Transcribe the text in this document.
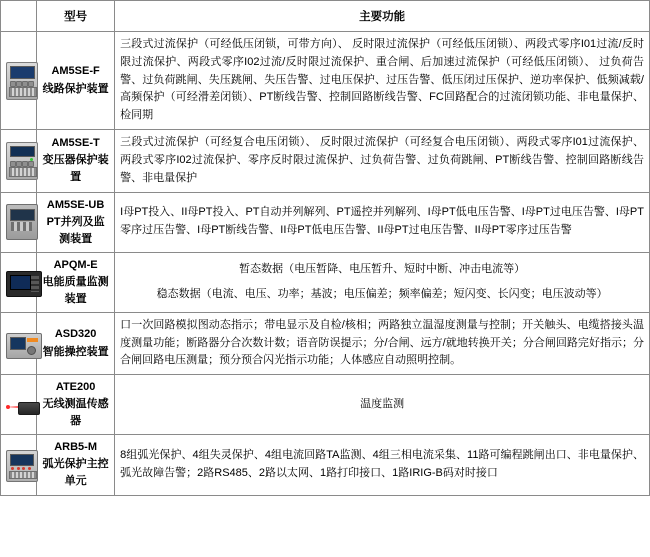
	型号	主要功能

	AM5SE-F
线路保护装置	三段式过流保护（可经低压闭锁，可带方向）、 反时限过流保护（可经低压闭锁）、两段式零序I01过流/反时限过流保护、两段式零序I02过流/反时限过流保护、重合闸、后加速过流保护（可经低压闭锁）、 过负荷告警、过负荷跳闸、失压跳闸、失压告警、过电压保护、过压告警、低压闭过压保护、逆功率保护、低频减载/高频保护（可经滑差闭锁）、PT断线告警、控制回路断线告警、FC回路配合的过流闭锁功能、非电量保护、检同期

	AM5SE-T
变压器保护装置	三段式过流保护（可经复合电压闭锁）、 反时限过流保护（可经复合电压闭锁）、两段式零序I01过流保护、两段式零序I02过流保护、零序反时限过流保护、过负荷告警、过负荷跳闸、PT断线告警、控制回路断线告警、非电量保护

	AM5SE-UB
PT并列及监测装置	I母PT投入、II母PT投入、PT自动并列解列、PT遥控并列解列、I母PT低电压告警、I母PT过电压告警、I母PT零序过压告警、I母PT断线告警、II母PT低电压告警、II母PT过电压告警、II母PT零序过压告警

	APQM-E
电能质量监测装置	暂态数据（电压暂降、电压暂升、短时中断、冲击电流等）
稳态数据（电流、电压、功率；基波；电压偏差；频率偏差；短闪变、长闪变；电压波动等）

	ASD320
智能操控装置	口一次回路模拟图动态指示；带电显示及自检/核相；两路独立温湿度测量与控制；开关触头、电缆搭接头温度测量功能；断路器分合次数计数；语音防误提示；分/合闸、远方/就地转换开关；分合闸回路完好指示；分合闸回路电压测量；预分预合闪光指示功能；人体感应自动照明控制。

	ATE200
无线测温传感器	温度监测

	ARB5-M
弧光保护主控单元	8组弧光保护、4组失灵保护、4组电流回路TA监测、4组三相电流采集、11路可编程跳闸出口、非电量保护、弧光故障告警；2路RS485、2路以太网、1路打印接口、1路IRIG-B码对时接口
